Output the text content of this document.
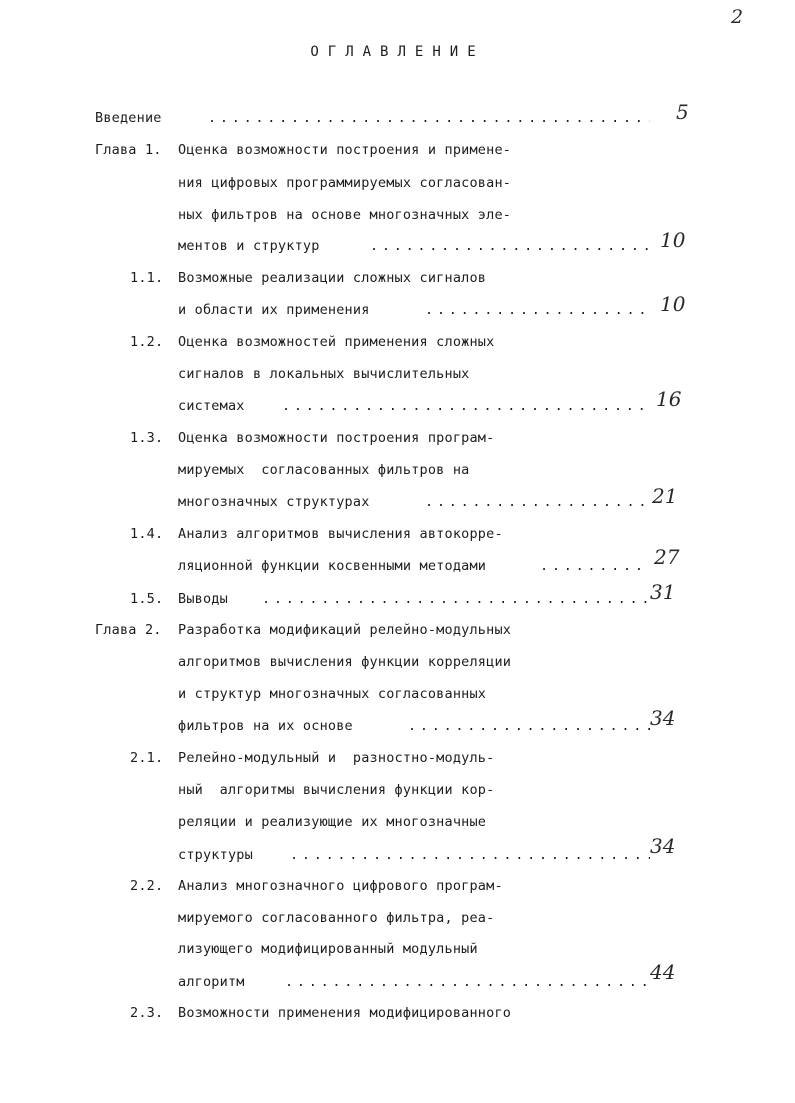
2
ОГЛАВЛЕНИЕ
Введение . . .	5
Глава 1. Оценка возможности построения и примене-
ния цифровых программируемых согласован-
ных фильтров на основе многозначных эле-
ментов и структур . . .	10
1.1. Возможные реализации сложных сигналов
и области их применения . . .	10
1.2. Оценка возможностей применения сложных
сигналов в локальных вычислительных
системах . . .	16
1.3. Оценка возможности построения програм-
мируемых  согласованных фильтров на
многозначных структурах . . .	21
1.4. Анализ алгоритмов вычисления автокорре-
ляционной функции косвенными методами . . .	27
1.5. Выводы . . .	31
Глава 2. Разработка модификаций релейно-модульных
алгоритмов вычисления функции корреляции
и структур многозначных согласованных
фильтров на их основе . . .	34
2.1. Релейно-модульный и  разностно-модуль-
ный  алгоритмы вычисления функции кор-
реляции и реализующие их многозначные
структуры . . .	34
2.2. Анализ многозначного цифрового програм-
мируемого согласованного фильтра, реа-
лизующего модифицированный модульный
алгоритм . . .	44
2.3. Возможности применения модифицированного
